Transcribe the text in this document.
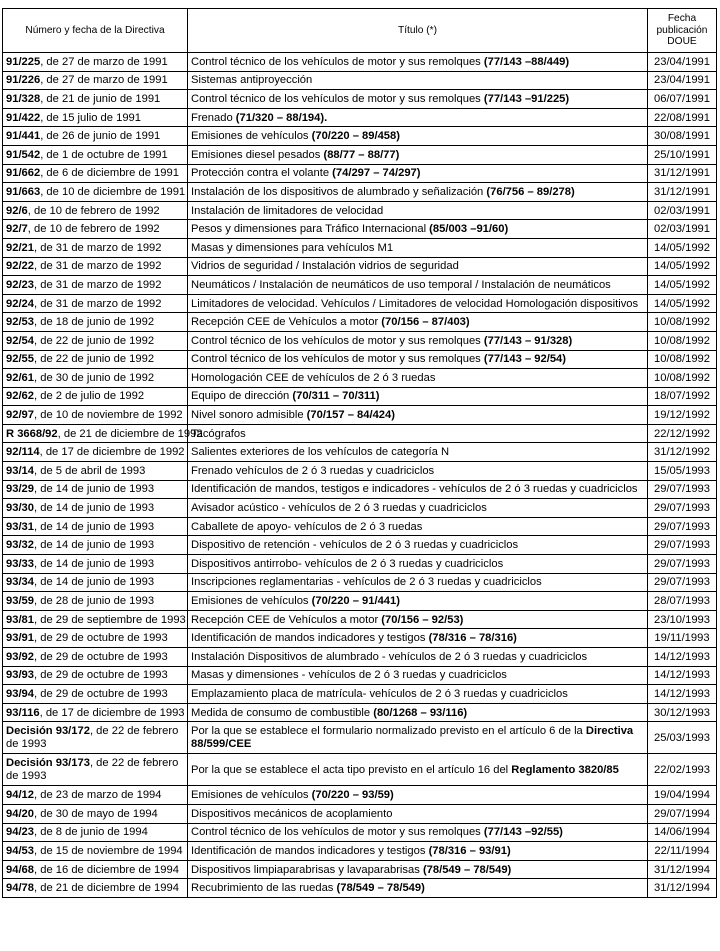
Número y fecha de la Directiva	Título (*)	Fecha
publicación
DOUE

91/225, de 27 de marzo de 1991	Control técnico de los vehículos de motor y sus remolques (77/143 –88/449)	23/04/1991
91/226, de 27 de marzo de 1991	Sistemas antiproyección	23/04/1991
91/328, de 21 de junio de 1991	Control técnico de los vehículos de motor y sus remolques (77/143 –91/225)	06/07/1991
91/422, de 15 julio de 1991	Frenado (71/320 – 88/194).	22/08/1991
91/441, de 26 de junio de 1991	Emisiones de vehículos (70/220 – 89/458)	30/08/1991
91/542, de 1 de octubre de 1991	Emisiones diesel pesados (88/77 – 88/77)	25/10/1991
91/662, de 6 de diciembre de 1991	Protección contra el volante (74/297 – 74/297)	31/12/1991
91/663, de 10 de diciembre de 1991	Instalación de los dispositivos de alumbrado y señalización (76/756 – 89/278)	31/12/1991
92/6, de 10 de febrero de 1992	Instalación de limitadores de velocidad	02/03/1991
92/7, de 10 de febrero de 1992	Pesos y dimensiones para Tráfico Internacional (85/003 –91/60)	02/03/1991
92/21, de 31 de marzo de 1992	Masas y dimensiones para vehículos M1	14/05/1992
92/22, de 31 de marzo de 1992	Vidrios de seguridad / Instalación vidrios de seguridad	14/05/1992
92/23, de 31 de marzo de 1992	Neumáticos / Instalación de neumáticos de uso temporal / Instalación de neumáticos	14/05/1992
92/24, de 31 de marzo de 1992	Limitadores de velocidad. Vehículos / Limitadores de velocidad Homologación dispositivos	14/05/1992
92/53, de 18 de junio de 1992	Recepción CEE de Vehículos a motor (70/156 – 87/403)	10/08/1992
92/54, de 22 de junio de 1992	Control técnico de los vehículos de motor y sus remolques (77/143 – 91/328)	10/08/1992
92/55, de 22 de junio de 1992	Control técnico de los vehículos de motor y sus remolques (77/143 – 92/54)	10/08/1992
92/61, de 30 de junio de 1992	Homologación CEE de vehículos de 2 ó 3 ruedas	10/08/1992
92/62, de 2 de julio de 1992	Equipo de dirección (70/311 – 70/311)	18/07/1992
92/97, de 10 de noviembre de 1992	Nivel sonoro admisible (70/157 – 84/424)	19/12/1992
R 3668/92, de 21 de diciembre de 1992	Tacógrafos	22/12/1992
92/114, de 17 de diciembre de 1992	Salientes exteriores de los vehículos de categoría N	31/12/1992
93/14, de 5 de abril de 1993	Frenado vehículos de 2 ó 3 ruedas y cuadriciclos	15/05/1993
93/29, de 14 de junio de 1993	Identificación de mandos, testigos e indicadores - vehículos de 2 ó 3 ruedas y cuadriciclos	29/07/1993
93/30, de 14 de junio de 1993	Avisador acústico - vehículos de 2 ó 3 ruedas y cuadriciclos	29/07/1993
93/31, de 14 de junio de 1993	Caballete de apoyo- vehículos de 2 ó 3 ruedas	29/07/1993
93/32, de 14 de junio de 1993	Dispositivo de retención - vehículos de 2 ó 3 ruedas y cuadriciclos	29/07/1993
93/33, de 14 de junio de 1993	Dispositivos antirrobo- vehículos de 2 ó 3 ruedas y cuadriciclos	29/07/1993
93/34, de 14 de junio de 1993	Inscripciones reglamentarias - vehículos de 2 ó 3 ruedas y cuadriciclos	29/07/1993
93/59, de 28 de junio de 1993	Emisiones de vehículos (70/220 – 91/441)	28/07/1993
93/81, de 29 de septiembre de 1993	Recepción CEE de Vehículos a motor (70/156 – 92/53)	23/10/1993
93/91, de 29 de octubre de 1993	Identificación de mandos indicadores y testigos (78/316 – 78/316)	19/11/1993
93/92, de 29 de octubre de 1993	Instalación Dispositivos de alumbrado - vehículos de 2 ó 3 ruedas y cuadriciclos	14/12/1993
93/93, de 29 de octubre de 1993	Masas y dimensiones - vehículos de 2 ó 3 ruedas y cuadriciclos	14/12/1993
93/94, de 29 de octubre de 1993	Emplazamiento placa de matrícula- vehículos de 2 ó 3 ruedas y cuadriciclos	14/12/1993
93/116, de 17 de diciembre de 1993	Medida de consumo de combustible (80/1268 – 93/116)	30/12/1993
Decisión 93/172, de 22 de febrero de 1993	Por la que se establece el formulario normalizado previsto en el artículo 6 de la Directiva 88/599/CEE	25/03/1993
Decisión 93/173, de 22 de febrero de 1993	Por la que se establece el acta tipo previsto en el artículo 16 del Reglamento 3820/85	22/02/1993
94/12, de 23 de marzo de 1994	Emisiones de vehículos (70/220 – 93/59)	19/04/1994
94/20, de 30 de mayo de 1994	Dispositivos mecánicos de acoplamiento	29/07/1994
94/23, de 8 de junio de 1994	Control técnico de los vehículos de motor y sus remolques (77/143 –92/55)	14/06/1994
94/53, de 15 de noviembre de 1994	Identificación de mandos indicadores y testigos (78/316 – 93/91)	22/11/1994
94/68, de 16 de diciembre de 1994	Dispositivos limpiaparabrisas y lavaparabrisas (78/549 – 78/549)	31/12/1994
94/78, de 21 de diciembre de 1994	Recubrimiento de las ruedas (78/549 – 78/549)	31/12/1994
